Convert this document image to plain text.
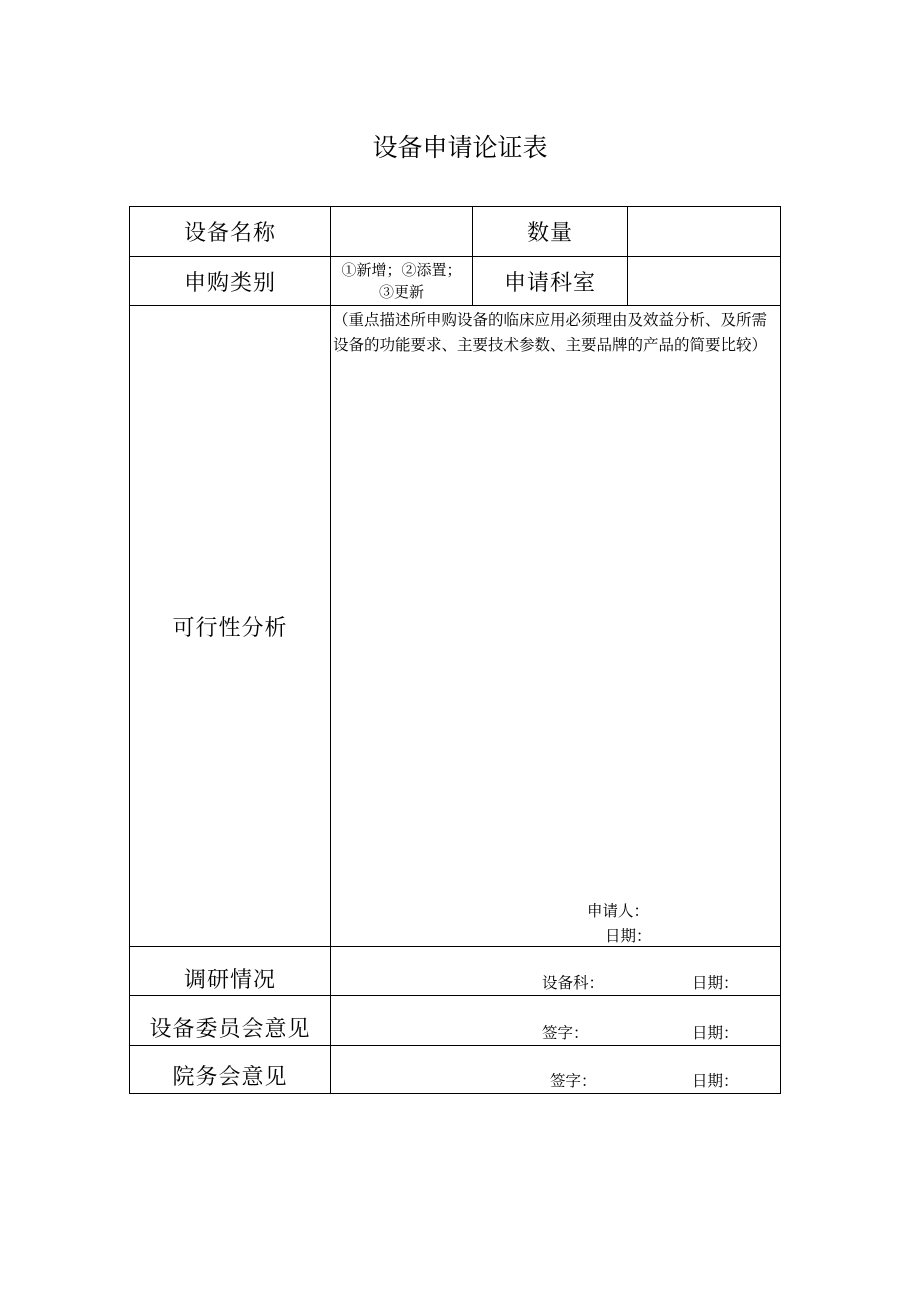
设备申请论证表
设备名称		数量	
申购类别	①新增；②添置；③更新	申请科室	
可行性分析	（重点描述所申购设备的临床应用必须理由及效益分析、及所需设备的功能要求、主要技术参数、主要品牌的产品的简要比较）
申请人：
日期：		

调研情况	设备科： 日期：		

设备委员会意见	签字： 日期：		

院务会意见	签字： 日期：		
